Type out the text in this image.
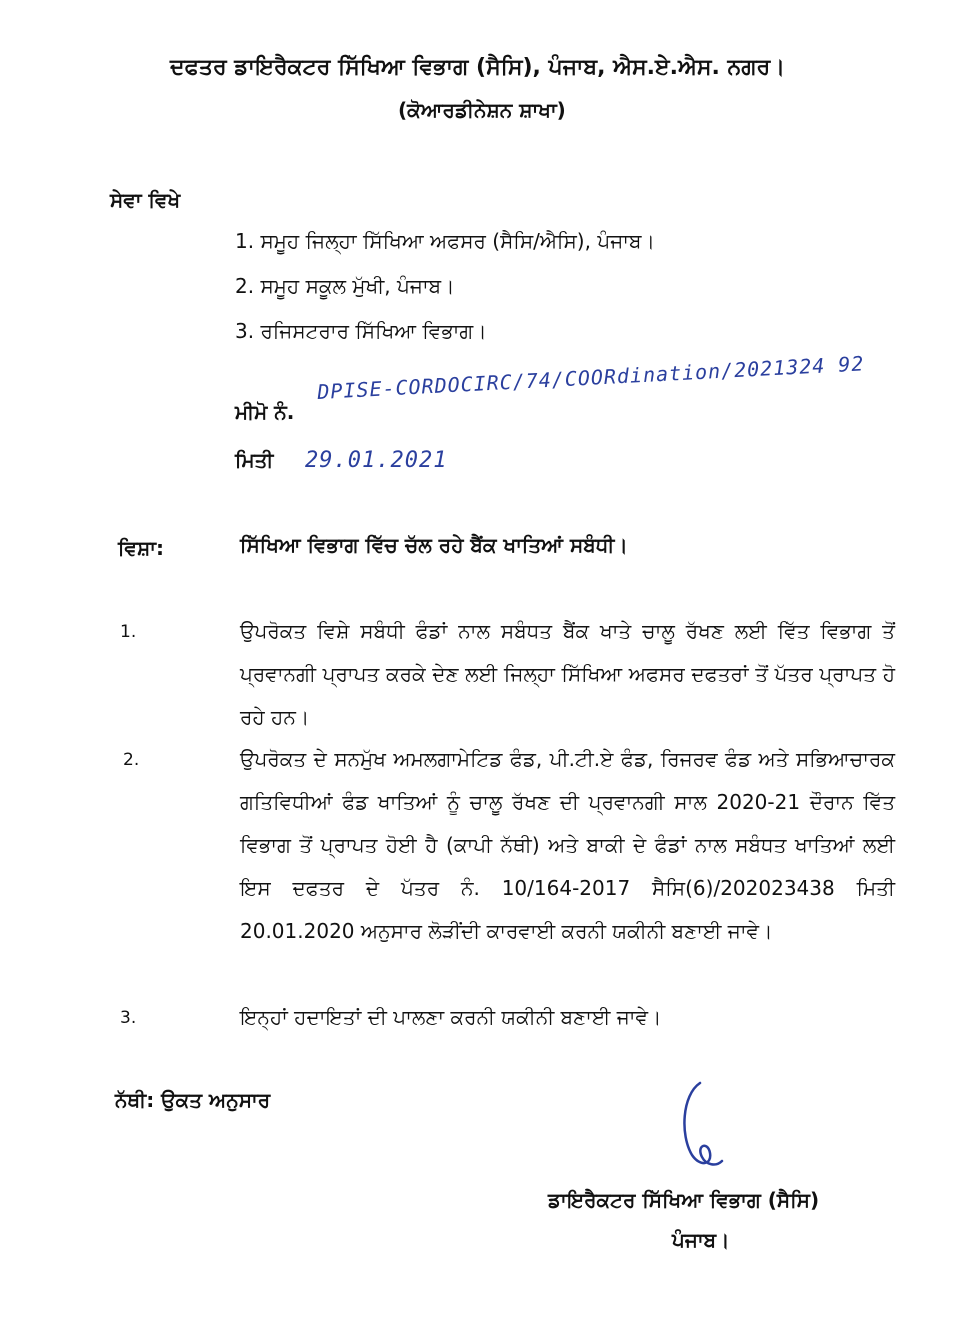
ਦਫਤਰ ਡਾਇਰੈਕਟਰ ਸਿੱਖਿਆ ਵਿਭਾਗ (ਸੈਸਿ), ਪੰਜਾਬ, ਐਸ.ਏ.ਐਸ. ਨਗਰ।
(ਕੋਆਰਡੀਨੇਸ਼ਨ ਸ਼ਾਖਾ)
ਸੇਵਾ ਵਿਖੇ
1. ਸਮੂਹ ਜਿਲ੍ਹਾ ਸਿੱਖਿਆ ਅਫਸਰ (ਸੈਸਿ/ਐਸਿ), ਪੰਜਾਬ।
2. ਸਮੂਹ ਸਕੂਲ ਮੁੱਖੀ, ਪੰਜਾਬ।
3. ਰਜਿਸਟਰਾਰ ਸਿੱਖਿਆ ਵਿਭਾਗ।
ਮੀਮੋ ਨੰ.
DPISE-CORDOCIRC/74/COORdination/2021324 92
ਮਿਤੀ 29.01.2021
ਵਿਸ਼ਾ:	ਸਿੱਖਿਆ ਵਿਭਾਗ ਵਿੱਚ ਚੱਲ ਰਹੇ ਬੈਂਕ ਖਾਤਿਆਂ ਸਬੰਧੀ।
1.	ਉਪਰੋਕਤ ਵਿਸ਼ੇ ਸਬੰਧੀ ਫੰਡਾਂ ਨਾਲ ਸਬੰਧਤ ਬੈਂਕ ਖਾਤੇ ਚਾਲੂ ਰੱਖਣ ਲਈ ਵਿੱਤ ਵਿਭਾਗ ਤੋਂ ਪ੍ਰਵਾਨਗੀ ਪ੍ਰਾਪਤ ਕਰਕੇ ਦੇਣ ਲਈ ਜਿਲ੍ਹਾ ਸਿੱਖਿਆ ਅਫਸਰ ਦਫਤਰਾਂ ਤੋਂ ਪੱਤਰ ਪ੍ਰਾਪਤ ਹੋ ਰਹੇ ਹਨ।
2.	ਉਪਰੋਕਤ ਦੇ ਸਨਮੁੱਖ ਅਮਲਗਾਮੇਟਿਡ ਫੰਡ, ਪੀ.ਟੀ.ਏ ਫੰਡ, ਰਿਜਰਵ ਫੰਡ ਅਤੇ ਸਭਿਆਚਾਰਕ ਗਤਿਵਿਧੀਆਂ ਫੰਡ ਖਾਤਿਆਂ ਨੂੰ ਚਾਲੂ ਰੱਖਣ ਦੀ ਪ੍ਰਵਾਨਗੀ ਸਾਲ 2020-21 ਦੌਰਾਨ ਵਿੱਤ ਵਿਭਾਗ ਤੋਂ ਪ੍ਰਾਪਤ ਹੋਈ ਹੈ (ਕਾਪੀ ਨੱਥੀ) ਅਤੇ ਬਾਕੀ ਦੇ ਫੰਡਾਂ ਨਾਲ ਸਬੰਧਤ ਖਾਤਿਆਂ ਲਈ ਇਸ ਦਫਤਰ ਦੇ ਪੱਤਰ ਨੰ. 10/164-2017 ਸੈਸਿ(6)/202023438 ਮਿਤੀ 20.01.2020 ਅਨੁਸਾਰ ਲੋੜੀਂਦੀ ਕਾਰਵਾਈ ਕਰਨੀ ਯਕੀਨੀ ਬਣਾਈ ਜਾਵੇ।
3.	ਇਨ੍ਹਾਂ ਹਦਾਇਤਾਂ ਦੀ ਪਾਲਣਾ ਕਰਨੀ ਯਕੀਨੀ ਬਣਾਈ ਜਾਵੇ।
ਨੱਥੀ: ਉਕਤ ਅਨੁਸਾਰ
ਡਾਇਰੈਕਟਰ ਸਿੱਖਿਆ ਵਿਭਾਗ (ਸੈਸਿ)
ਪੰਜਾਬ।
